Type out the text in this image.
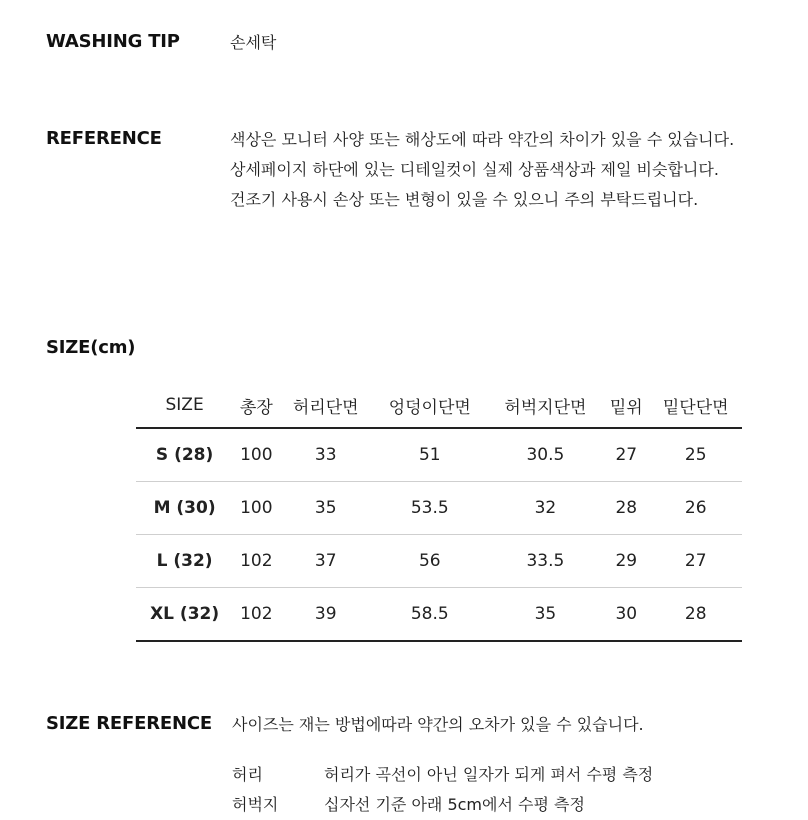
WASHING TIP	손세탁
REFERENCE	색상은 모니터 사양 또는 해상도에 따라 약간의 차이가 있을 수 있습니다.
상세페이지 하단에 있는 디테일컷이 실제 상품색상과 제일 비슷합니다.
건조기 사용시 손상 또는 변형이 있을 수 있으니 주의 부탁드립니다.
SIZE(cm)
SIZE	총장	허리단면	엉덩이단면	허벅지단면	밑위	밑단단면
S (28)	100	33	51	30.5	27	25
M (30)	100	35	53.5	32	28	26
L (32)	102	37	56	33.5	29	27
XL (32)	102	39	58.5	35	30	28
SIZE REFERENCE 사이즈는 재는 방법에따라 약간의 오차가 있을 수 있습니다.
허리	허리가 곡선이 아닌 일자가 되게 펴서 수평 측정
허벅지	십자선 기준 아래 5cm에서 수평 측정
